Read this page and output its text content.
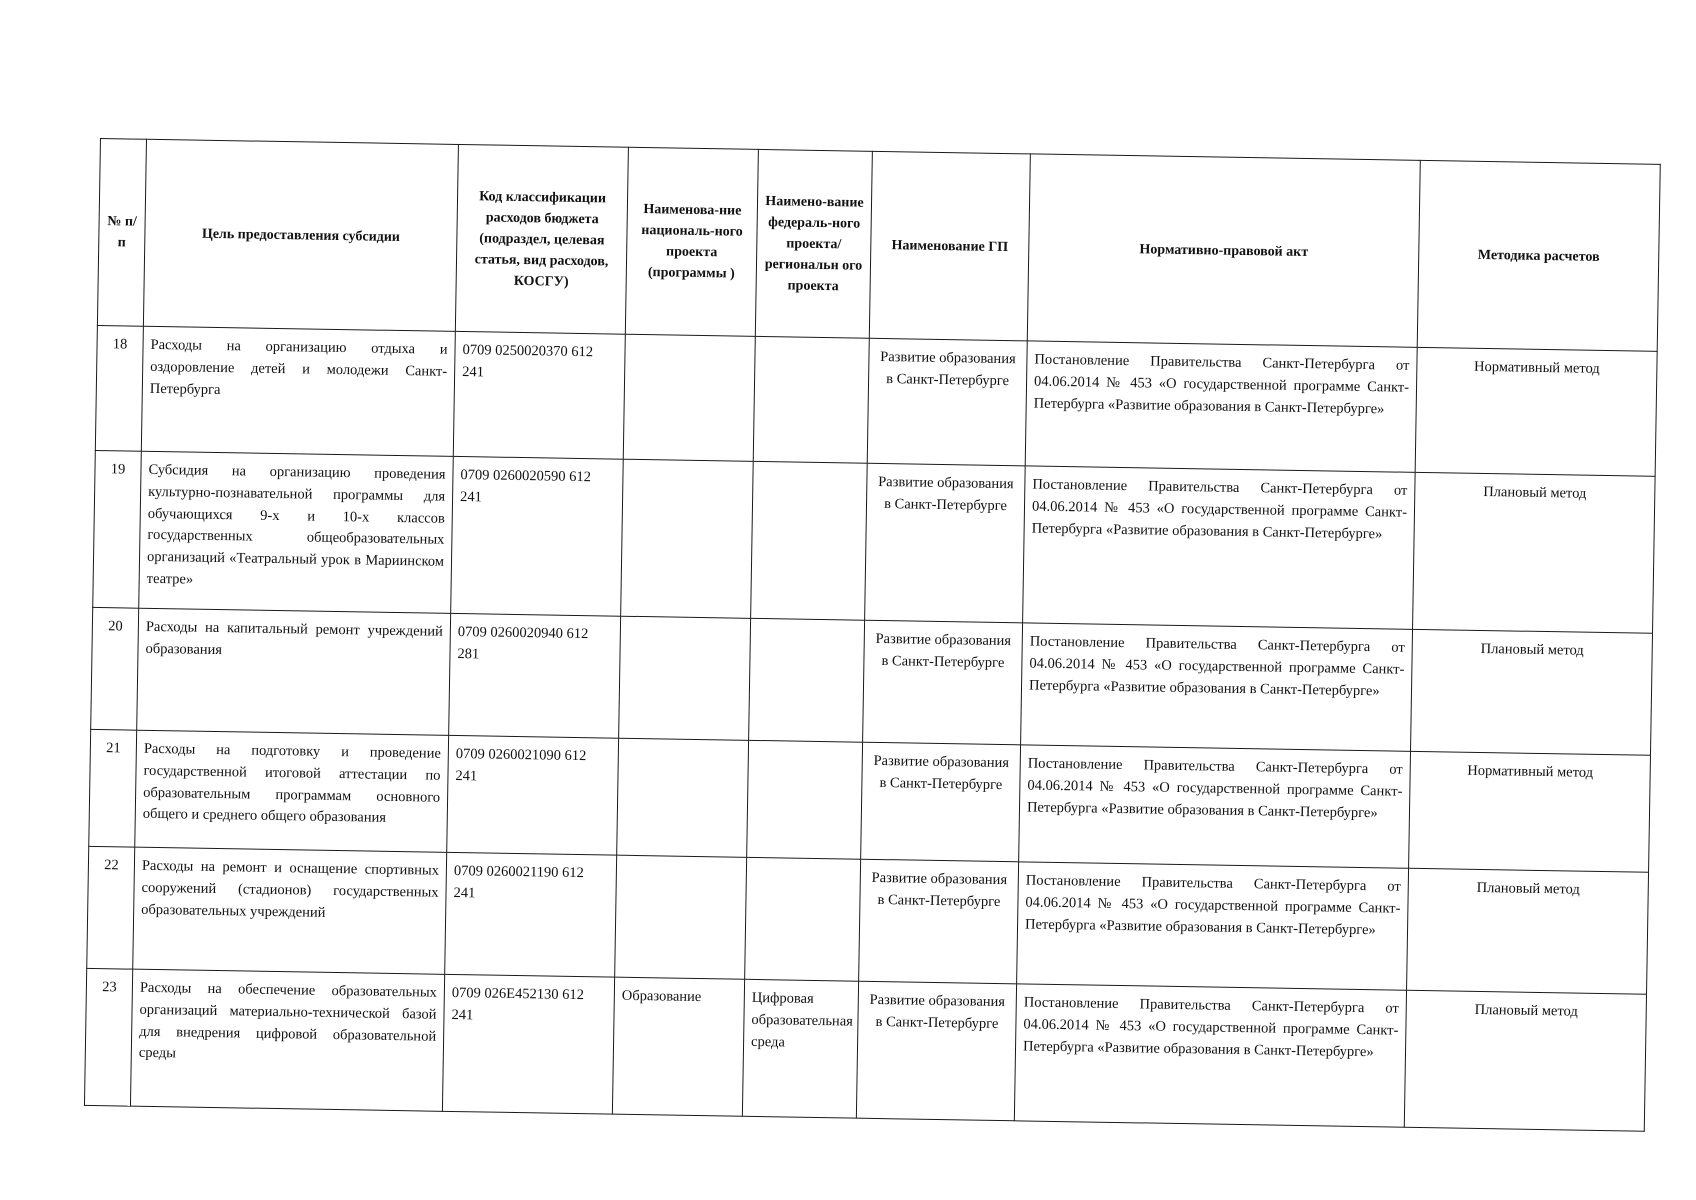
№ п/п	Цель предоставления субсидии	Код классификации расходов бюджета (подраздел, целевая статья, вид расходов, КОСГУ)	Наименова-ние националь-ного проекта (программы )	Наимено-вание федераль-ного проекта/ региональн ого проекта	Наименование ГП	Нормативно-правовой акт	Методика расчетов
18	Расходы на организацию отдыха и оздоровление детей и молодежи Санкт-Петербурга	0709 0250020370 612 241			Развитие образования в Санкт-Петербурге	Постановление Правительства Санкт-Петербурга от 04.06.2014 № 453 «О государственной программе Санкт-Петербурга «Развитие образования в Санкт-Петербурге»	Нормативный метод
19	Субсидия на организацию проведения культурно-познавательной программы для обучающихся 9-х и 10-х классов государственных общеобразовательных организаций «Театральный урок в Мариинском театре»	0709 0260020590 612 241			Развитие образования в Санкт-Петербурге	Постановление Правительства Санкт-Петербурга от 04.06.2014 № 453 «О государственной программе Санкт-Петербурга «Развитие образования в Санкт-Петербурге»	Плановый метод
20	Расходы на капитальный ремонт учреждений образования	0709 0260020940 612 281			Развитие образования в Санкт-Петербурге	Постановление Правительства Санкт-Петербурга от 04.06.2014 № 453 «О государственной программе Санкт-Петербурга «Развитие образования в Санкт-Петербурге»	Плановый метод
21	Расходы на подготовку и проведение государственной итоговой аттестации по образовательным программам основного общего и среднего общего образования	0709 0260021090 612 241			Развитие образования в Санкт-Петербурге	Постановление Правительства Санкт-Петербурга от 04.06.2014 № 453 «О государственной программе Санкт-Петербурга «Развитие образования в Санкт-Петербурге»	Нормативный метод
22	Расходы на ремонт и оснащение спортивных сооружений (стадионов) государственных образовательных учреждений	0709 0260021190 612 241			Развитие образования в Санкт-Петербурге	Постановление Правительства Санкт-Петербурга от 04.06.2014 № 453 «О государственной программе Санкт-Петербурга «Развитие образования в Санкт-Петербурге»	Плановый метод
23	Расходы на обеспечение образовательных организаций материально-технической базой для внедрения цифровой образовательной среды	0709 026E452130 612 241	Образование	Цифровая образовательная среда	Развитие образования в Санкт-Петербурге	Постановление Правительства Санкт-Петербурга от 04.06.2014 № 453 «О государственной программе Санкт-Петербурга «Развитие образования в Санкт-Петербурге»	Плановый метод
